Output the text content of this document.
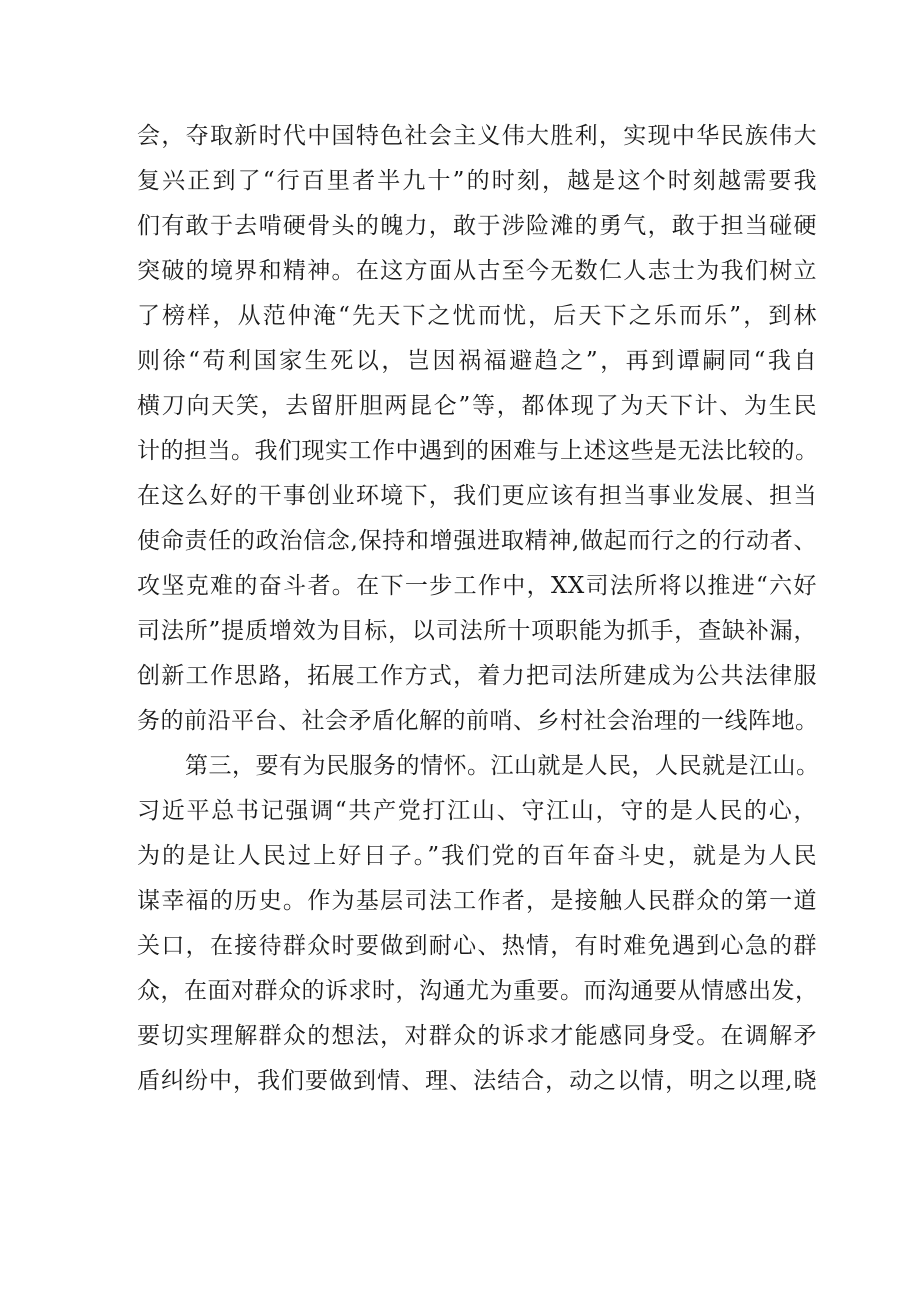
会，夺取新时代中国特色社会主义伟大胜利，实现中华民族伟大
复兴正到了“行百里者半九十”的时刻，越是这个时刻越需要我
们有敢于去啃硬骨头的魄力，敢于涉险滩的勇气，敢于担当碰硬
突破的境界和精神。在这方面从古至今无数仁人志士为我们树立
了榜样，从范仲淹“先天下之忧而忧，后天下之乐而乐”，到林
则徐“苟利国家生死以，岂因祸福避趋之”，再到谭嗣同“我自
横刀向天笑，去留肝胆两昆仑”等，都体现了为天下计、为生民
计的担当。我们现实工作中遇到的困难与上述这些是无法比较的。
在这么好的干事创业环境下，我们更应该有担当事业发展、担当
使命责任的政治信念,保持和增强进取精神,做起而行之的行动者、
攻坚克难的奋斗者。在下一步工作中，XX司法所将以推进“六好
司法所”提质增效为目标，以司法所十项职能为抓手，查缺补漏，
创新工作思路，拓展工作方式，着力把司法所建成为公共法律服
务的前沿平台、社会矛盾化解的前哨、乡村社会治理的一线阵地。
第三，要有为民服务的情怀。江山就是人民，人民就是江山。
习近平总书记强调“共产党打江山、守江山，守的是人民的心，
为的是让人民过上好日子。”我们党的百年奋斗史，就是为人民
谋幸福的历史。作为基层司法工作者，是接触人民群众的第一道
关口，在接待群众时要做到耐心、热情，有时难免遇到心急的群
众，在面对群众的诉求时，沟通尤为重要。而沟通要从情感出发，
要切实理解群众的想法，对群众的诉求才能感同身受。在调解矛
盾纠纷中，我们要做到情、理、法结合，动之以情，明之以理,晓
